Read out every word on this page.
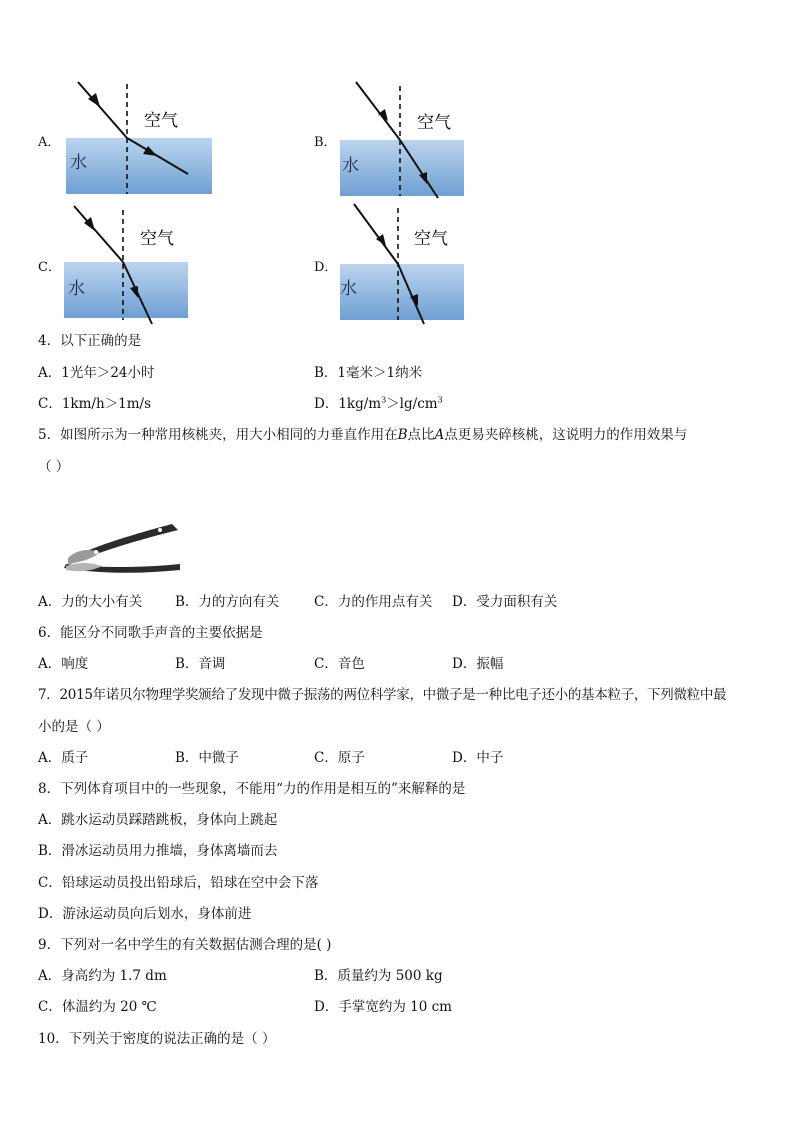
A．
空气
水
B．
空气
水
C．
空气
水
D．
空气
水
4．以下正确的是
A．1光年＞24小时	B．1毫米＞1纳米
C．1km/h＞1m/s	D．$1kg/m^3>\lg/cm^3$
5．如图所示为一种常用核桃夹，用大小相同的力垂直作用在B点比A点更易夹碎核桃，这说明力的作用效果与
（ ）
A．力的大小有关 B．力的方向有关	C．力的作用点有关 D．受力面积有关
6．能区分不同歌手声音的主要依据是
A．响度	B．音调	C．音色	D．振幅
7．2015年诺贝尔物理学奖颁给了发现中微子振荡的两位科学家，中微子是一种比电子还小的基本粒子，下列微粒中最
小的是（ ）
A．质子	B．中微子	C．原子	D．中子
8．下列体育项目中的一些现象，不能用“力的作用是相互的”来解释的是
A．跳水运动员踩踏跳板，身体向上跳起
B．滑冰运动员用力推墙，身体离墙而去
C．铅球运动员投出铅球后，铅球在空中会下落
D．游泳运动员向后划水，身体前进
9．下列对一名中学生的有关数据估测合理的是( )
A．身高约为 1.7 dm	B．质量约为 500 kg
C．体温约为 20 ℃	D．手掌宽约为 10 cm
10．下列关于密度的说法正确的是（ ）
